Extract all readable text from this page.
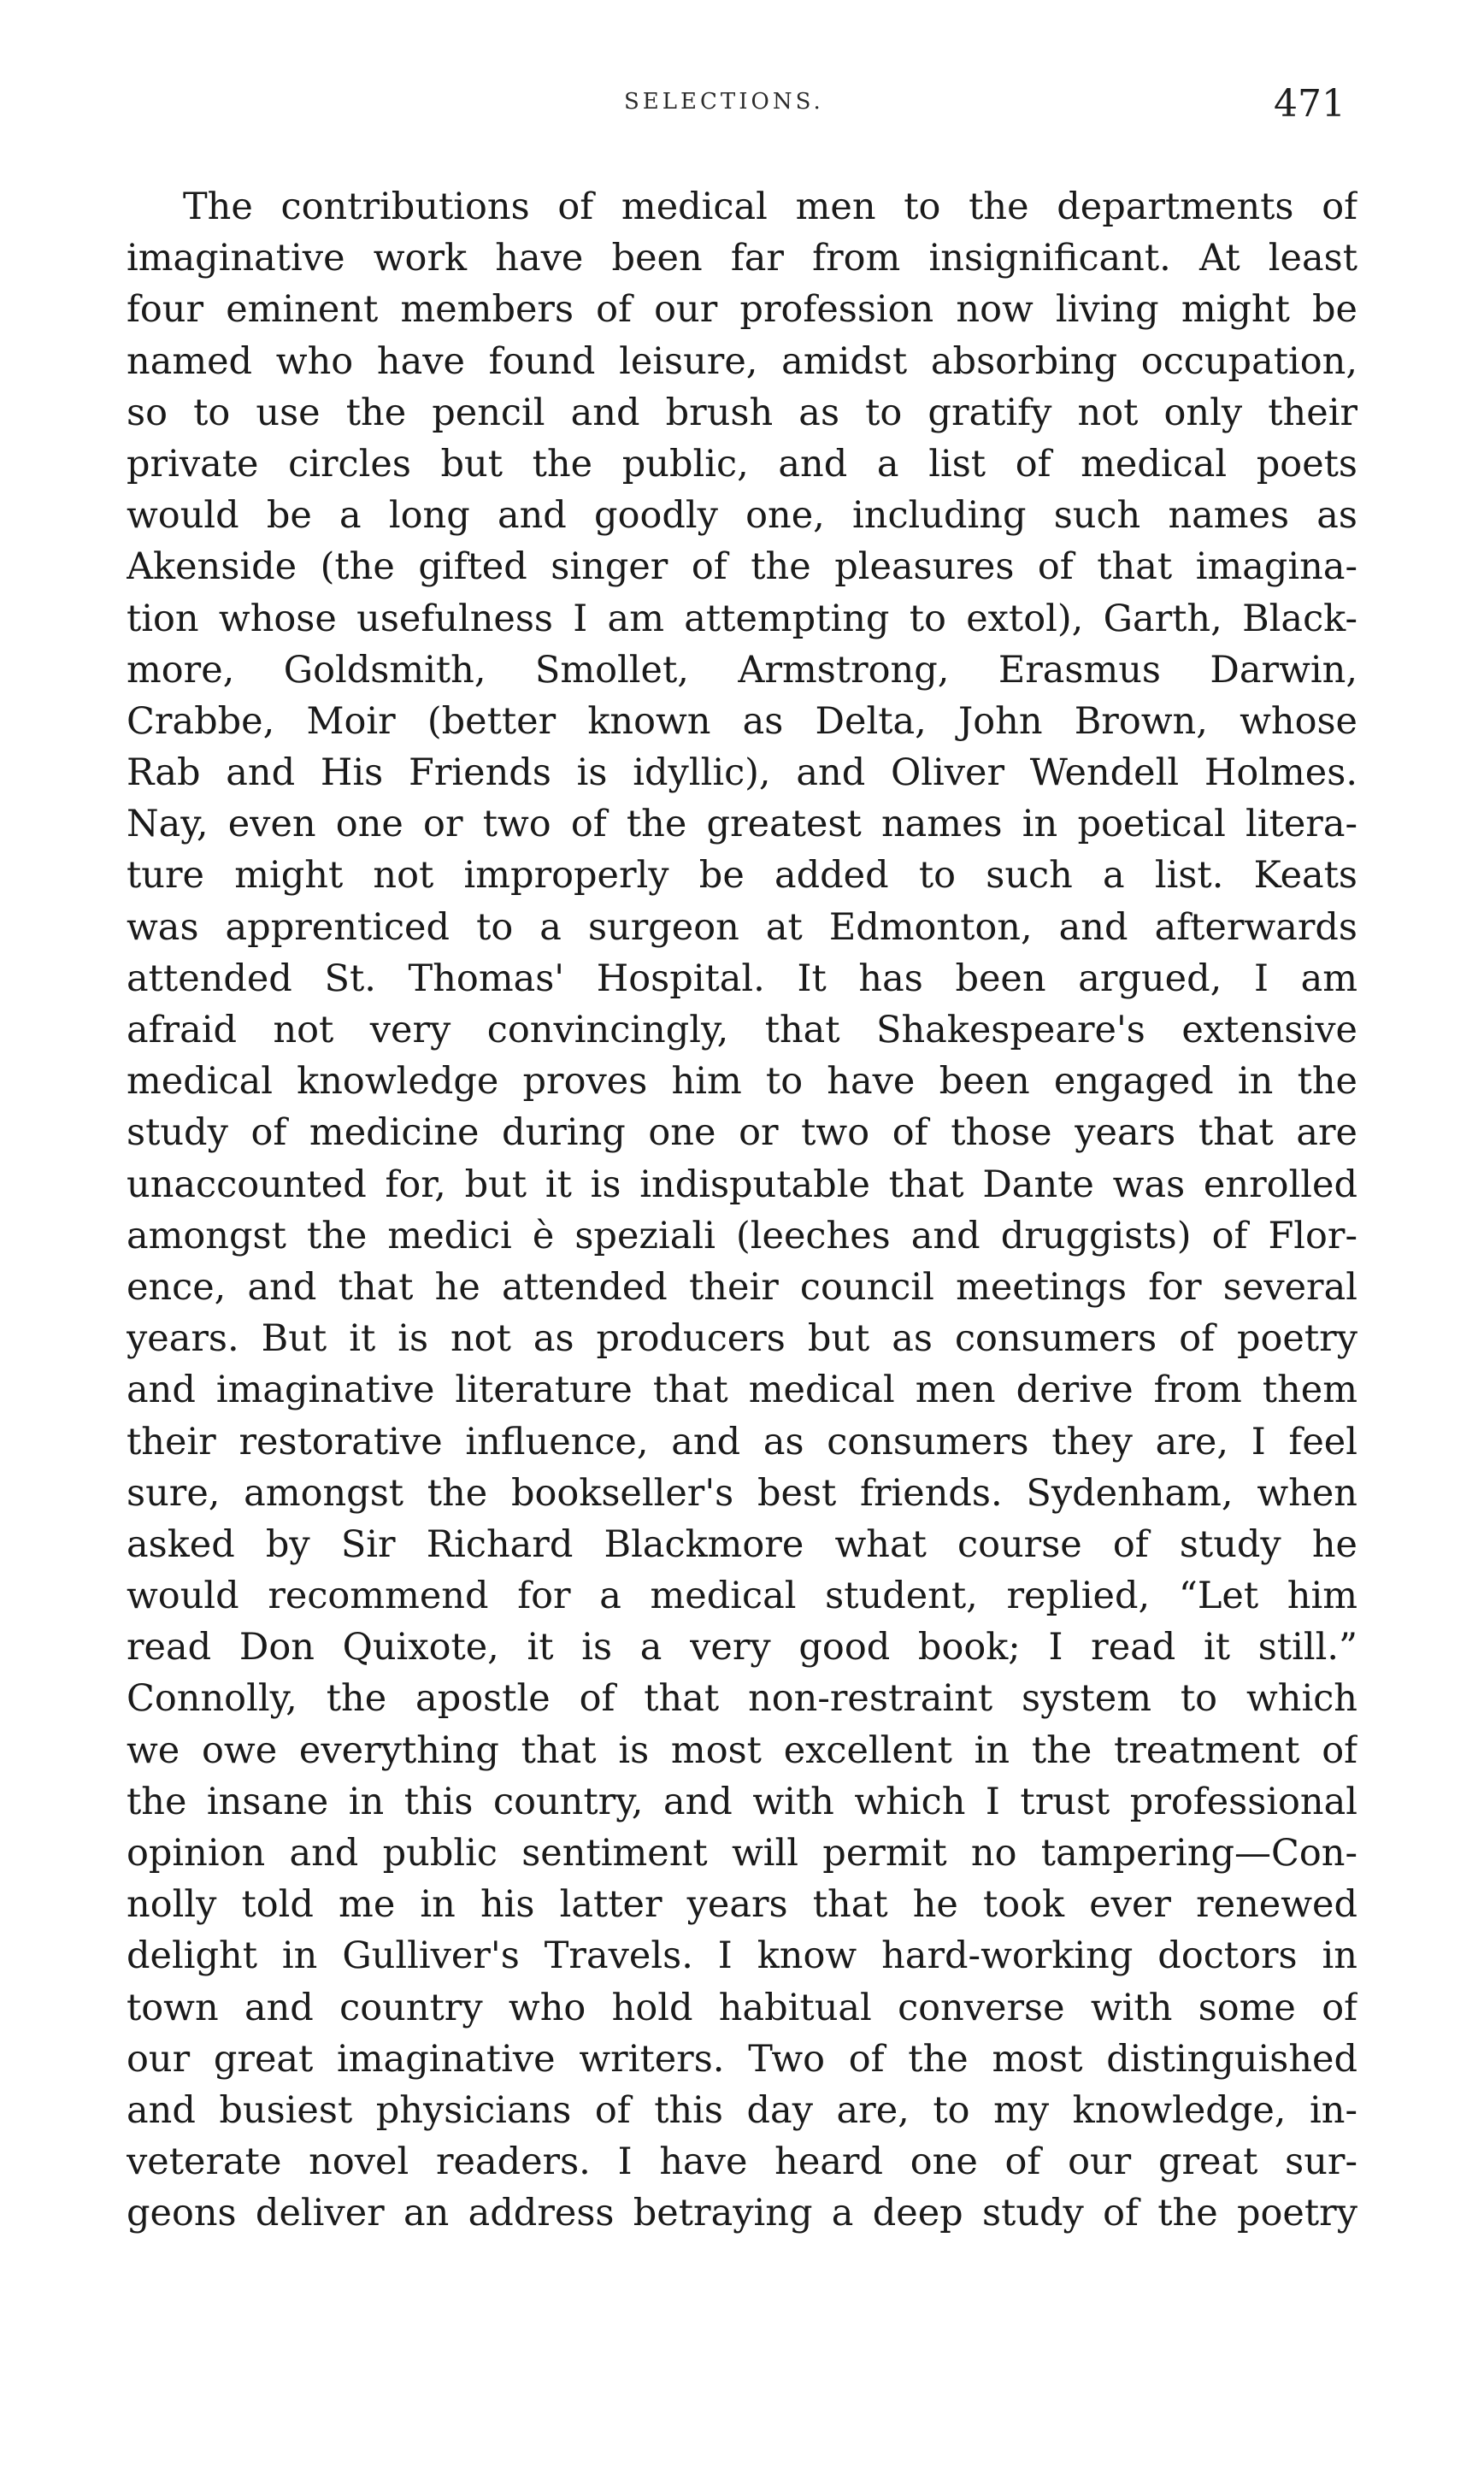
SELECTIONS.	471
The contributions of medical men to the departments of
imaginative work have been far from insignificant. At least
four eminent members of our profession now living might be
named who have found leisure, amidst absorbing occupation,
so to use the pencil and brush as to gratify not only their
private circles but the public, and a list of medical poets
would be a long and goodly one, including such names as
Akenside (the gifted singer of the pleasures of that imagina-
tion whose usefulness I am attempting to extol), Garth, Black-
more, Goldsmith, Smollet, Armstrong, Erasmus Darwin,
Crabbe, Moir (better known as Delta, John Brown, whose
Rab and His Friends is idyllic), and Oliver Wendell Holmes.
Nay, even one or two of the greatest names in poetical litera-
ture might not improperly be added to such a list. Keats
was apprenticed to a surgeon at Edmonton, and afterwards
attended St. Thomas' Hospital. It has been argued, I am
afraid not very convincingly, that Shakespeare's extensive
medical knowledge proves him to have been engaged in the
study of medicine during one or two of those years that are
unaccounted for, but it is indisputable that Dante was enrolled
amongst the medici è speziali (leeches and druggists) of Flor-
ence, and that he attended their council meetings for several
years. But it is not as producers but as consumers of poetry
and imaginative literature that medical men derive from them
their restorative influence, and as consumers they are, I feel
sure, amongst the bookseller's best friends. Sydenham, when
asked by Sir Richard Blackmore what course of study he
would recommend for a medical student, replied, “Let him
read Don Quixote, it is a very good book; I read it still.”
Connolly, the apostle of that non-restraint system to which
we owe everything that is most excellent in the treatment of
the insane in this country, and with which I trust professional
opinion and public sentiment will permit no tampering—Con-
nolly told me in his latter years that he took ever renewed
delight in Gulliver's Travels. I know hard-working doctors in
town and country who hold habitual converse with some of
our great imaginative writers. Two of the most distinguished
and busiest physicians of this day are, to my knowledge, in-
veterate novel readers. I have heard one of our great sur-
geons deliver an address betraying a deep study of the poetry
